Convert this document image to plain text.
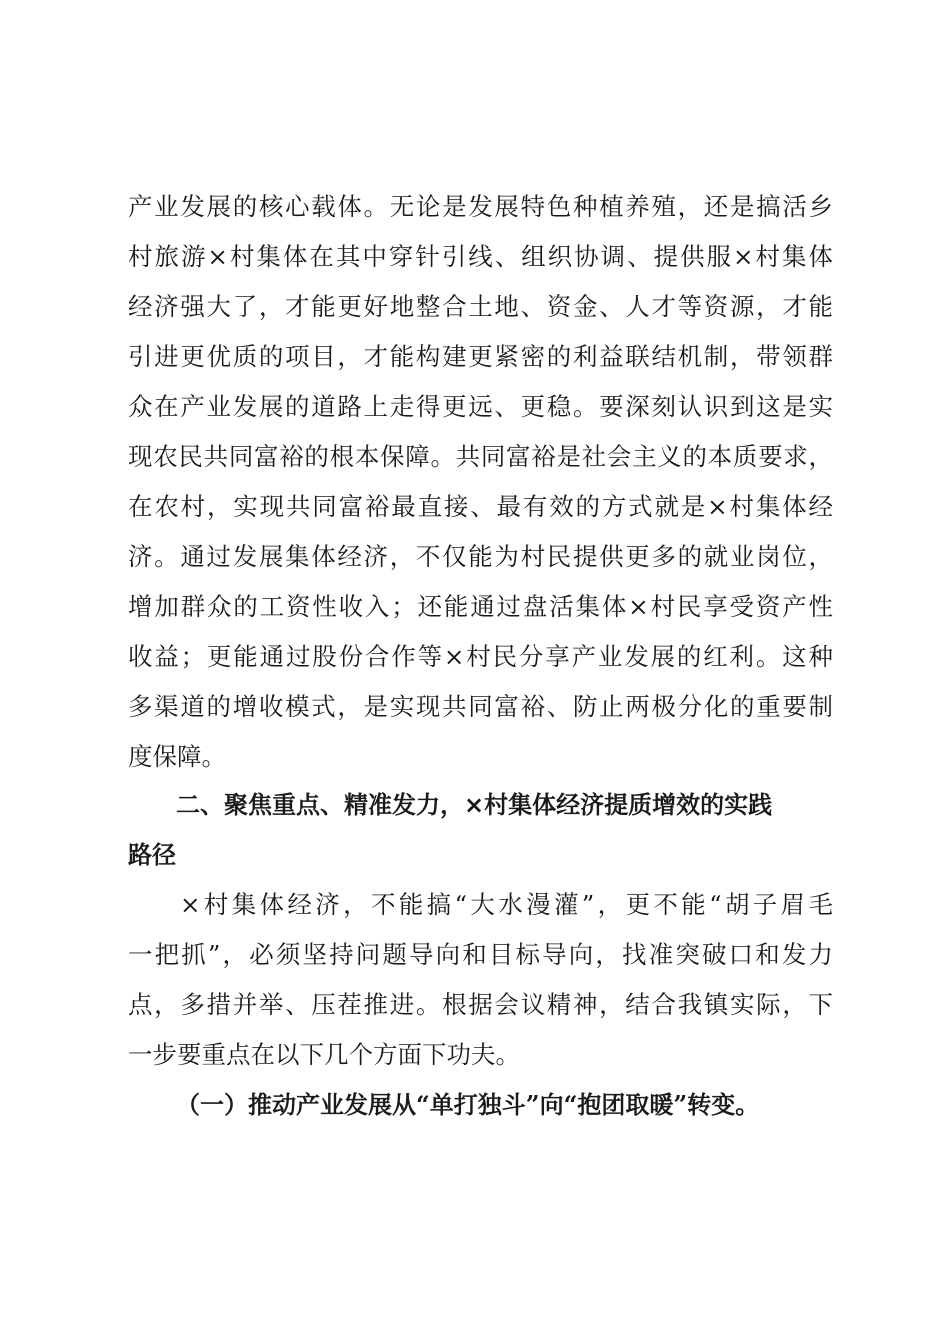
产业发展的核心载体。无论是发展特色种植养殖，还是搞活乡
村旅游×村集体在其中穿针引线、组织协调、提供服×村集体
经济强大了，才能更好地整合土地、资金、人才等资源，才能
引进更优质的项目，才能构建更紧密的利益联结机制，带领群
众在产业发展的道路上走得更远、更稳。要深刻认识到这是实
现农民共同富裕的根本保障。共同富裕是社会主义的本质要求，
在农村，实现共同富裕最直接、最有效的方式就是×村集体经
济。通过发展集体经济，不仅能为村民提供更多的就业岗位，
增加群众的工资性收入；还能通过盘活集体×村民享受资产性
收益；更能通过股份合作等×村民分享产业发展的红利。这种
多渠道的增收模式，是实现共同富裕、防止两极分化的重要制
度保障。
二、聚焦重点、精准发力，×村集体经济提质增效的实践
路径
×村集体经济，不能搞“大水漫灌”，更不能“胡子眉毛
一把抓”，必须坚持问题导向和目标导向，找准突破口和发力
点，多措并举、压茬推进。根据会议精神，结合我镇实际，下
一步要重点在以下几个方面下功夫。
（一）推动产业发展从“单打独斗”向“抱团取暖”转变。
